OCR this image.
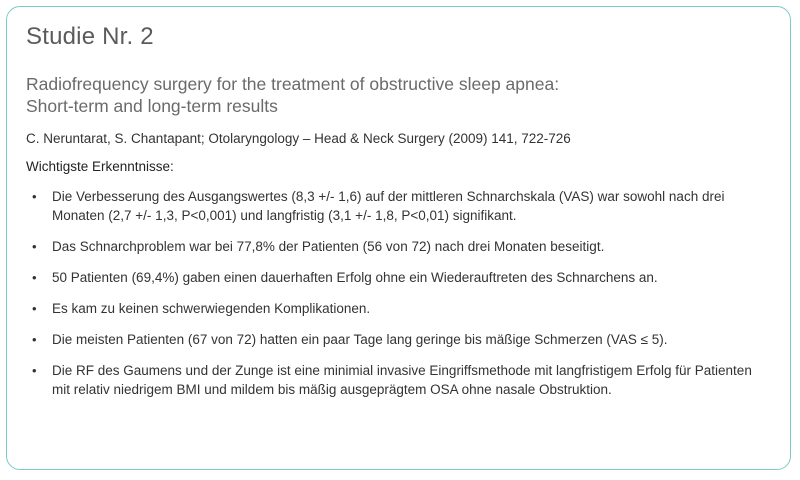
Studie Nr. 2
Radiofrequency surgery for the treatment of obstructive sleep apnea:
Short-term and long-term results
C. Neruntarat, S. Chantapant; Otolaryngology – Head & Neck Surgery (2009) 141, 722-726
Wichtigste Erkenntnisse:
• Die Verbesserung des Ausgangswertes (8,3 +/- 1,6) auf der mittleren Schnarchskala (VAS) war sowohl nach drei Monaten (2,7 +/- 1,3, P<0,001) und langfristig (3,1 +/- 1,8, P<0,01) signifikant.
• Das Schnarchproblem war bei 77,8% der Patienten (56 von 72) nach drei Monaten beseitigt.
• 50 Patienten (69,4%) gaben einen dauerhaften Erfolg ohne ein Wiederauftreten des Schnarchens an.
• Es kam zu keinen schwerwiegenden Komplikationen.
• Die meisten Patienten (67 von 72) hatten ein paar Tage lang geringe bis mäßige Schmerzen (VAS ≤ 5).
• Die RF des Gaumens und der Zunge ist eine minimial invasive Eingriffsmethode mit langfristigem Erfolg für Patienten mit relativ niedrigem BMI und mildem bis mäßig ausgeprägtem OSA ohne nasale Obstruktion.
